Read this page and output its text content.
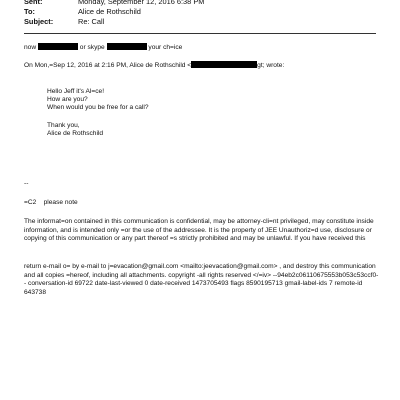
Sent:	Monday, September 12, 2016 6:38 PM
To:	Alice de Rothschild
Subject:	Re: Call
now	or skype	your ch=ice
On Mon,=Sep 12, 2016 at 2:16 PM, Alice de Rothschild <	gt; wrote:
Hello Jeff it's Al=ce!
How are you?
When would you be free for a call?
Thank you,
Alice de Rothschild
--
=C2 please note
The informat=on contained in this communication is confidential, may be attorney-cli=nt privileged, may constitute inside information, and is intended only =or the use of the addressee. It is the property of JEE Unauthoriz=d use, disclosure or copying of this communication or any part thereof =s strictly prohibited and may be unlawful. If you have received this
return e-mail o= by e-mail to j=evacation@gmail.com <mailto:jeevacation@gmail.com> , and destroy this communication and all copies =hereof, including all attachments. copyright -all rights reserved </=iv> --94eb2c06110675553b053c53ccf0-- conversation-id 69722 date-last-viewed 0 date-received 1473705493 flags 8590195713 gmail-label-ids 7 remote-id 643738
